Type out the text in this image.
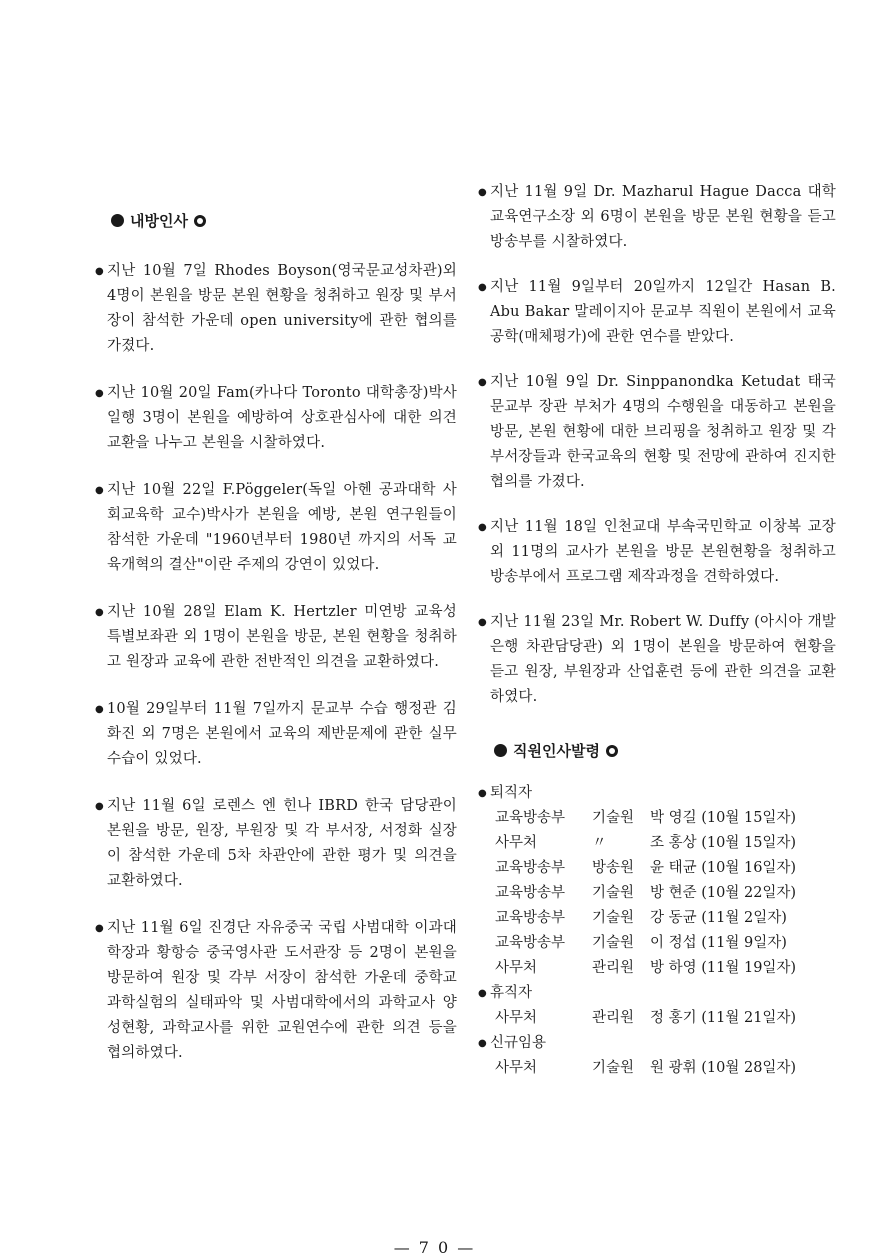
내방인사
● 지난 10월 7일 Rhodes Boyson(영국문교성차관)외 4명이 본원을 방문 본원 현황을 청취하고 원장 및 부서장이 참석한 가운데 open university에 관한 협의를 가졌다.
● 지난 10월 20일 Fam(카나다 Toronto 대학총장)박사 일행 3명이 본원을 예방하여 상호관심사에 대한 의견 교환을 나누고 본원을 시찰하였다.
● 지난 10월 22일 F.Pöggeler(독일 아헨 공과대학 사회교육학 교수)박사가 본원을 예방, 본원 연구원들이 참석한 가운데 "1960년부터 1980년 까지의 서독 교육개혁의 결산"이란 주제의 강연이 있었다.
● 지난 10월 28일 Elam K. Hertzler 미연방 교육성 특별보좌관 외 1명이 본원을 방문, 본원 현황을 청취하고 원장과 교육에 관한 전반적인 의견을 교환하였다.
● 10월 29일부터 11월 7일까지 문교부 수습 행정관 김 화진 외 7명은 본원에서 교육의 제반문제에 관한 실무수습이 있었다.
● 지난 11월 6일 로렌스 엔 힌나 IBRD 한국 담당관이 본원을 방문, 원장, 부원장 및 각 부서장, 서정화 실장이 참석한 가운데 5차 차관안에 관한 평가 및 의견을 교환하였다.
● 지난 11월 6일 진경단 자유중국 국립 사범대학 이과대학장과 황항승 중국영사관 도서관장 등 2명이 본원을 방문하여 원장 및 각부 서장이 참석한 가운데 중학교 과학실험의 실태파악 및 사범대학에서의 과학교사 양성현황, 과학교사를 위한 교원연수에 관한 의견 등을 협의하였다.
● 지난 11월 9일 Dr. Mazharul Hague Dacca 대학교육연구소장 외 6명이 본원을 방문 본원 현황을 듣고 방송부를 시찰하였다.
● 지난 11월 9일부터 20일까지 12일간 Hasan B. Abu Bakar 말레이지아 문교부 직원이 본원에서 교육공학(매체평가)에 관한 연수를 받았다.
● 지난 10월 9일 Dr. Sinppanondka Ketudat 태국 문교부 장관 부처가 4명의 수행원을 대동하고 본원을 방문, 본원 현황에 대한 브리핑을 청취하고 원장 및 각 부서장들과 한국교육의 현황 및 전망에 관하여 진지한 협의를 가졌다.
● 지난 11월 18일 인천교대 부속국민학교 이창복 교장 외 11명의 교사가 본원을 방문 본원현황을 청취하고 방송부에서 프로그램 제작과정을 견학하였다.
● 지난 11월 23일 Mr. Robert W. Duffy (아시아 개발은행 차관담당관) 외 1명이 본원을 방문하여 현황을 듣고 원장, 부원장과 산업훈련 등에 관한 의견을 교환 하였다.
직원인사발령
● 퇴직자
교육방송부	기술원	박 영길 (10월 15일자)
사무처	〃	조 홍상 (10월 15일자)
교육방송부	방송원	윤 태균 (10월 16일자)
교육방송부	기술원	방 현준 (10월 22일자)
교육방송부	기술원	강 동균 (11월 2일자)
교육방송부	기술원	이 정섭 (11월 9일자)
사무처	관리원	방 하영 (11월 19일자)
● 휴직자
사무처	관리원	정 홍기 (11월 21일자)
● 신규임용
사무처	기술원	원 광휘 (10월 28일자)
— 7 0 —
